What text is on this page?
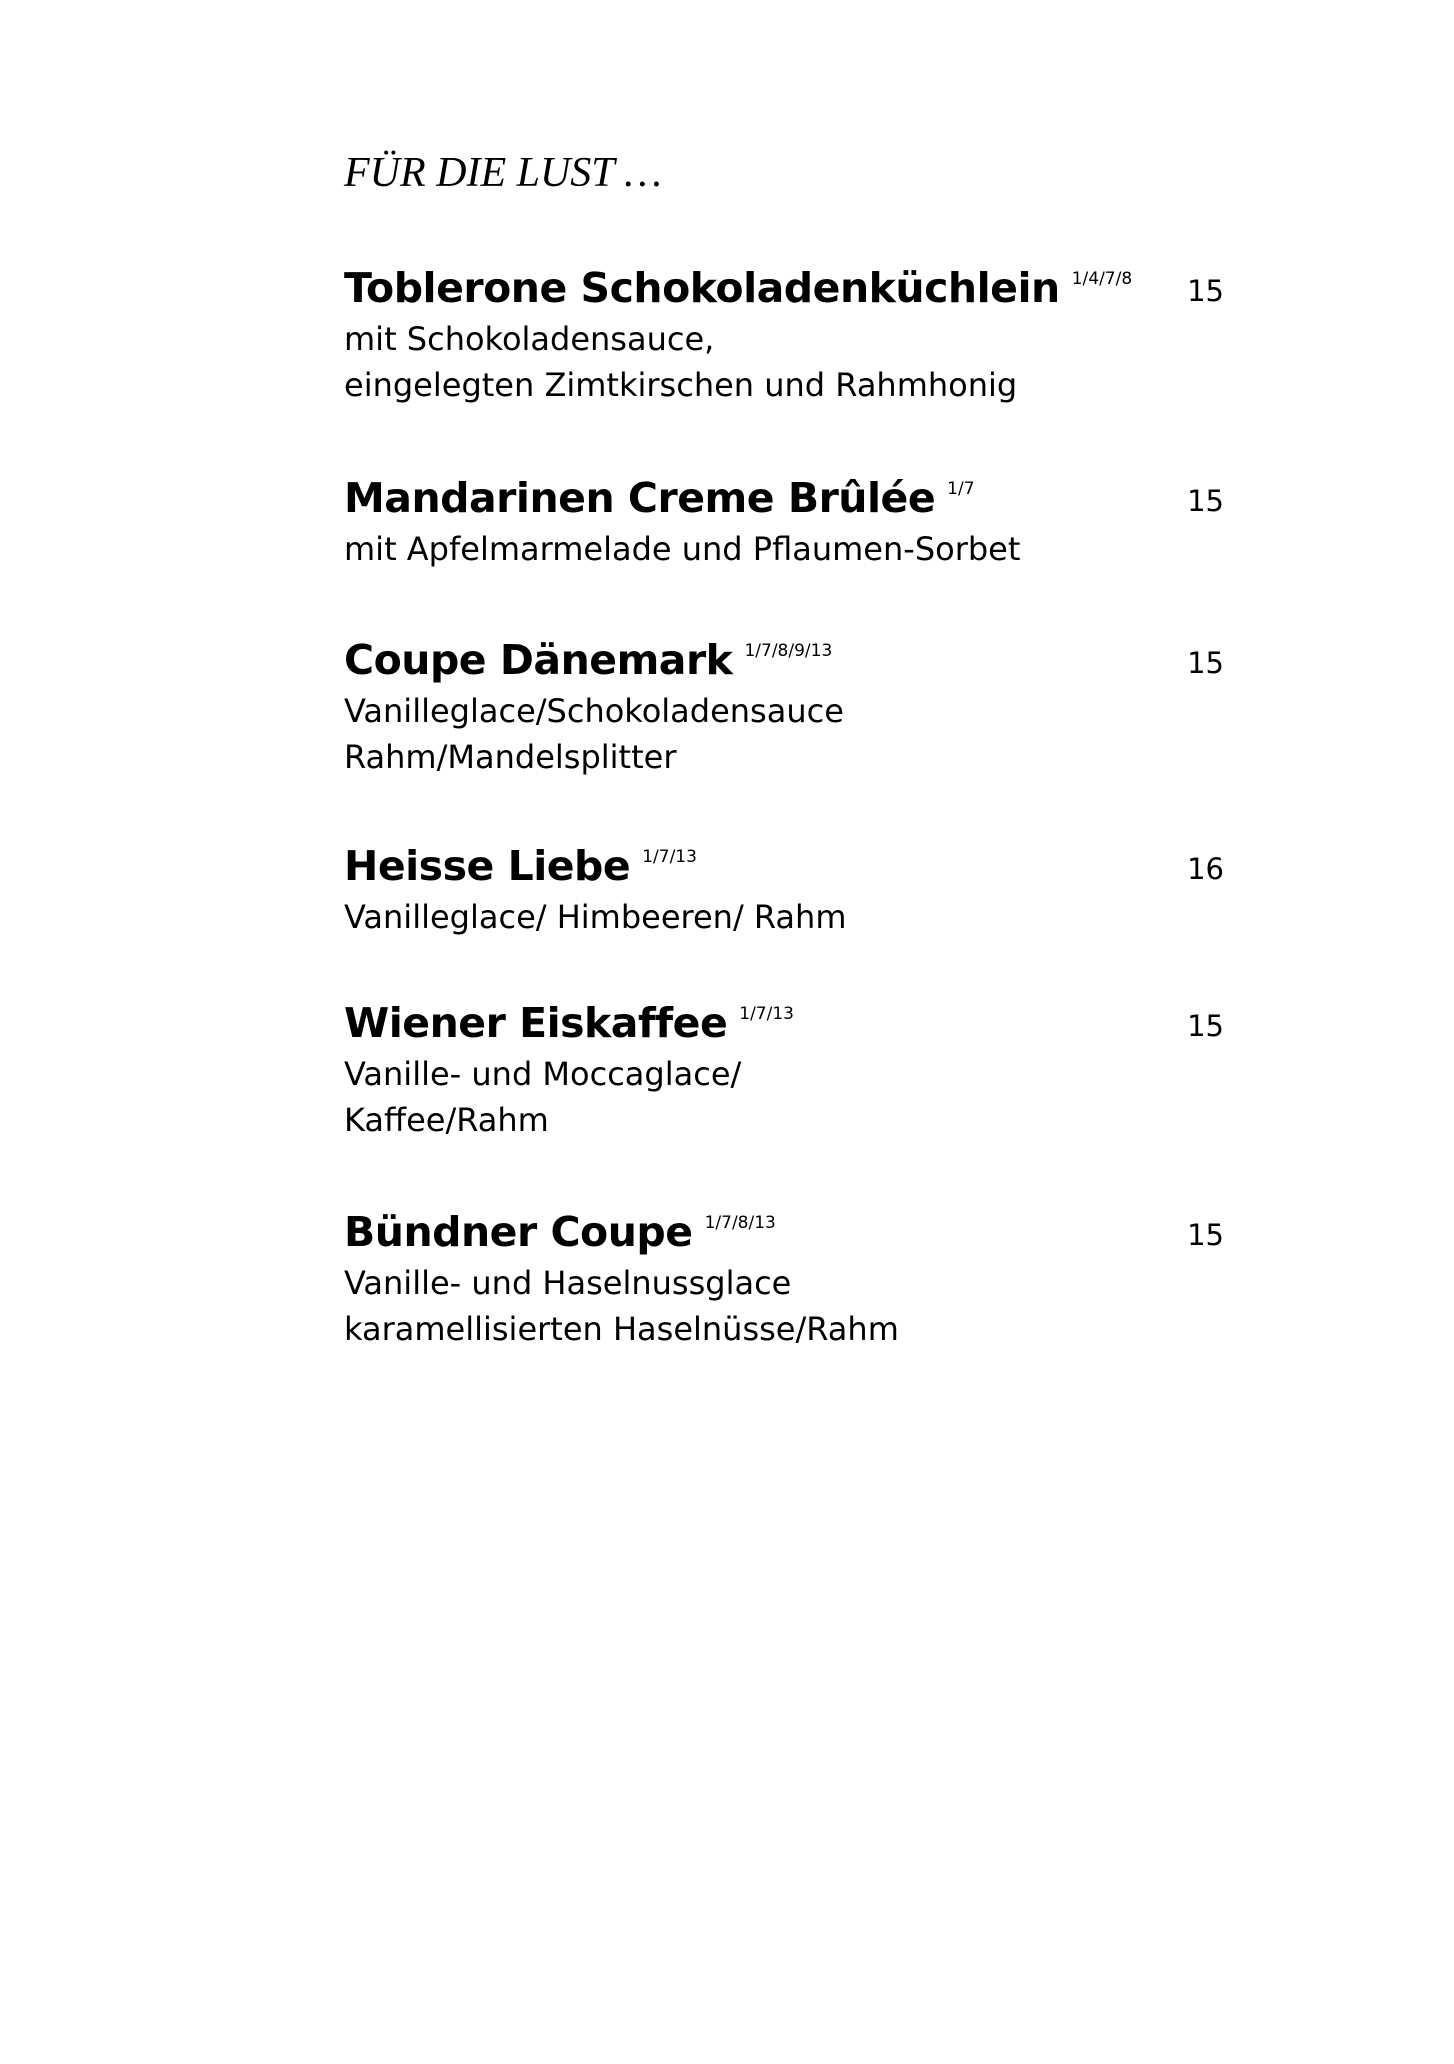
FÜR DIE LUST …
Toblerone Schokoladenküchlein 1/4/7/8 15

mit Schokoladensauce,

eingelegten Zimtkirschen und Rahmhonig

Mandarinen Creme Brûlée 1/7	15

mit Apfelmarmelade und Pflaumen-Sorbet

Coupe Dänemark 1/7/8/9/13	15

Vanilleglace/Schokoladensauce

Rahm/Mandelsplitter

Heisse Liebe 1/7/13	16

Vanilleglace/ Himbeeren/ Rahm

Wiener Eiskaffee 1/7/13	15

Vanille- und Moccaglace/

Kaffee/Rahm

Bündner Coupe 1/7/8/13	15

Vanille- und Haselnussglace

karamellisierten Haselnüsse/Rahm
